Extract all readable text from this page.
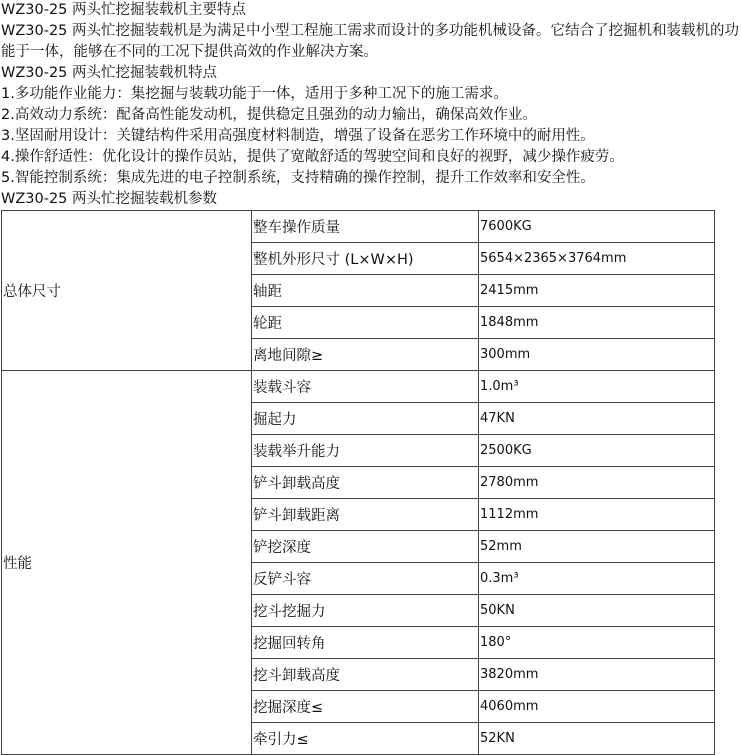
WZ30-25 两头忙挖掘装载机主要特点
WZ30-25 两头忙挖掘装载机是为满足中小型工程施工需求而设计的多功能机械设备。它结合了挖掘机和装载机的功能于一体，能够在不同的工况下提供高效的作业解决方案。
WZ30-25 两头忙挖掘装载机特点
1.多功能作业能力：集挖掘与装载功能于一体，适用于多种工况下的施工需求。
2.高效动力系统：配备高性能发动机，提供稳定且强劲的动力输出，确保高效作业。
3.坚固耐用设计：关键结构件采用高强度材料制造，增强了设备在恶劣工作环境中的耐用性。
4.操作舒适性：优化设计的操作员站，提供了宽敞舒适的驾驶空间和良好的视野，减少操作疲劳。
5.智能控制系统：集成先进的电子控制系统，支持精确的操作控制，提升工作效率和安全性。
WZ30-25 两头忙挖掘装载机参数
总体尺寸	整车操作质量	7600KG
	整机外形尺寸 (L×W×H)	5654×2365×3764mm
	轴距	2415mm
	轮距	1848mm
	离地间隙≥	300mm
性能	装载斗容	1.0m³
	掘起力	47KN
	装载举升能力	2500KG
	铲斗卸载高度	2780mm
	铲斗卸载距离	1112mm
	铲挖深度	52mm
	反铲斗容	0.3m³
	挖斗挖掘力	50KN
	挖掘回转角	180°
	挖斗卸载高度	3820mm
	挖掘深度≤	4060mm
	牵引力≤	52KN
